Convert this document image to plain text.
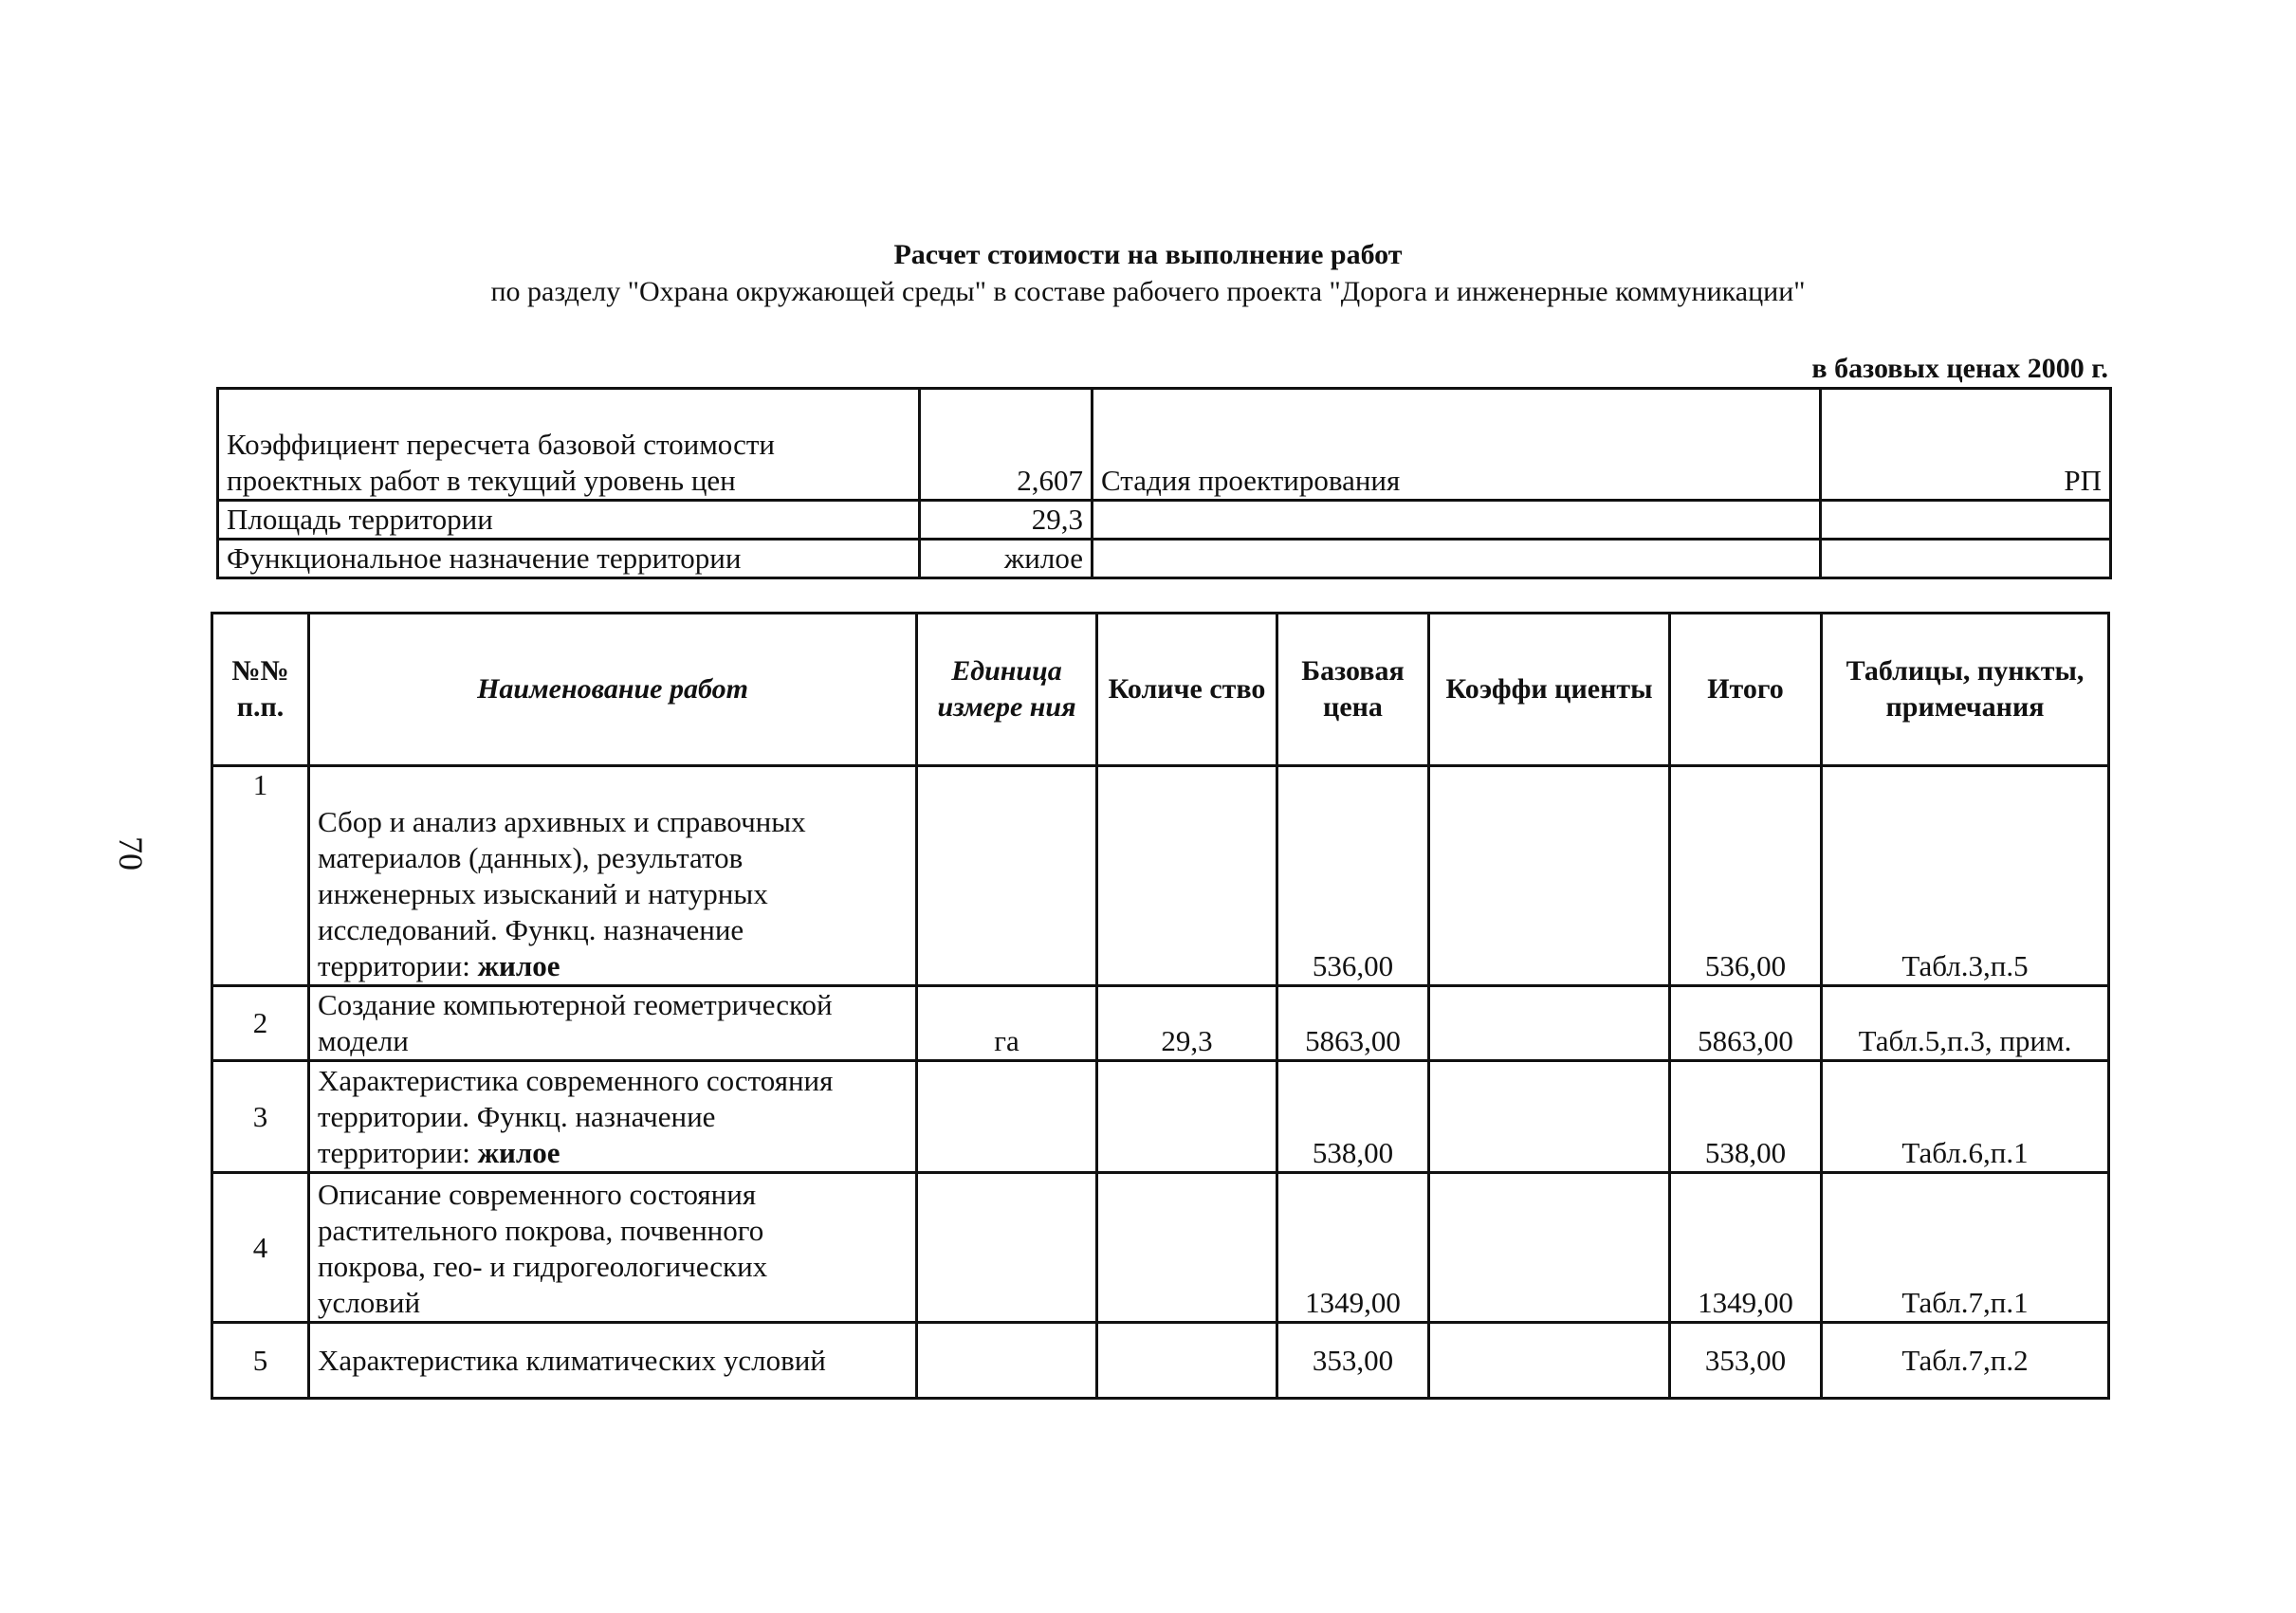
70
Расчет стоимости на выполнение работ
по разделу "Охрана окружающей среды" в составе рабочего проекта "Дорога и инженерные коммуникации"
в базовых ценах 2000 г.
Коэффициент пересчета базовой стоимости
проектных работ в текущий уровень цен	2,607	Стадия проектирования	РП
Площадь территории	29,3		
Функциональное назначение территории	жилое		
№№ п.п.	Наименование работ	Единица измере ния	Количе ство	Базовая цена	Коэффи циенты	Итого	Таблицы, пункты, примечания
1	Сбор и анализ архивных и справочных
материалов (данных), результатов
инженерных изысканий и натурных
исследований. Функц. назначение
территории: жилое			536,00		536,00	Табл.3,п.5
2	Создание компьютерной геометрической
модели	га	29,3	5863,00		5863,00	Табл.5,п.3, прим.
3	Характеристика современного состояния
территории. Функц. назначение
территории: жилое			538,00		538,00	Табл.6,п.1
4	Описание современного состояния
растительного покрова, почвенного
покрова, гео- и гидрогеологических
условий			1349,00		1349,00	Табл.7,п.1
5	Характеристика климатических условий			353,00		353,00	Табл.7,п.2
